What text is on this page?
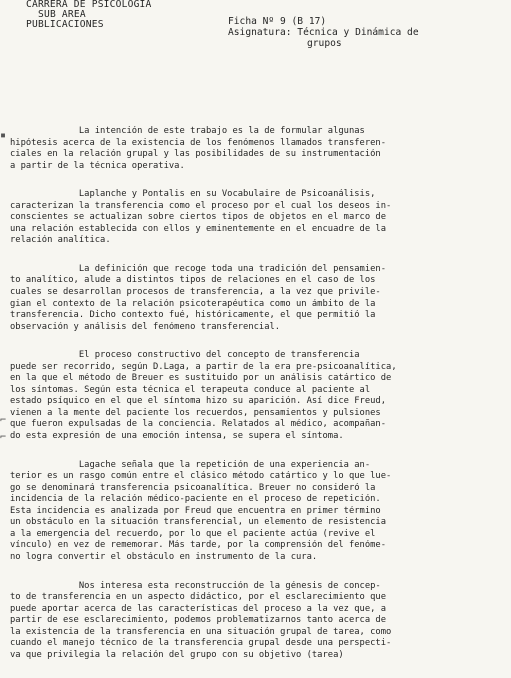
CARRERA DE PSICOLOGIA
SUB AREA
PUBLICACIONES	Ficha Nº 9 (B 17)
Asignatura: Técnica y Dinámica de
grupos
La intención de este trabajo es la de formular algunas
hipótesis acerca de la existencia de los fenómenos llamados transferen-
ciales en la relación grupal y las posibilidades de su instrumentación
a partir de la técnica operativa.
Laplanche y Pontalis en su Vocabulaire de Psicoanálisis,
caracterizan la transferencia como el proceso por el cual los deseos in-
conscientes se actualizan sobre ciertos tipos de objetos en el marco de
una relación establecida con ellos y eminentemente en el encuadre de la
relación analítica.
La definición que recoge toda una tradición del pensamien-
to analítico, alude a distintos tipos de relaciones en el caso de los
cuales se desarrollan procesos de transferencia, a la vez que privile-
gian el contexto de la relación psicoterapéutica como un ámbito de la
transferencia. Dicho contexto fué, históricamente, el que permitió la
observación y análisis del fenómeno transferencial.
El proceso constructivo del concepto de transferencia
puede ser recorrido, según D.Laga, a partir de la era pre-psicoanalítica,
en la que el método de Breuer es sustituido por un análisis catártico de
los síntomas. Según esta técnica el terapeuta conduce al paciente al
estado psíquico en el que el síntoma hizo su aparición. Así dice Freud,
vienen a la mente del paciente los recuerdos, pensamientos y pulsiones
que fueron expulsadas de la conciencia. Relatados al médico, acompañan-
do esta expresión de una emoción intensa, se supera el síntoma.
Lagache señala que la repetición de una experiencia an-
terior es un rasgo común entre el clásico método catártico y lo que lue-
go se denominará transferencia psicoanalítica. Breuer no consideró la
incidencia de la relación médico-paciente en el proceso de repetición.
Esta incidencia es analizada por Freud que encuentra en primer término
un obstáculo en la situación transferencial, un elemento de resistencia
a la emergencia del recuerdo, por lo que el paciente actúa (revive el
vínculo) en vez de rememorar. Más tarde, por la comprensión del fenóme-
no logra convertir el obstáculo en instrumento de la cura.
Nos interesa esta reconstrucción de la génesis de concep-
to de transferencia en un aspecto didáctico, por el esclarecimiento que
puede aportar acerca de las características del proceso a la vez que, a
partir de ese esclarecimiento, podemos problematizarnos tanto acerca de
la existencia de la transferencia en una situación grupal de tarea, como
cuando el manejo técnico de la transferencia grupal desde una perspecti-
va que privilegia la relación del grupo con su objetivo (tarea)
▪
⌐
⌐
